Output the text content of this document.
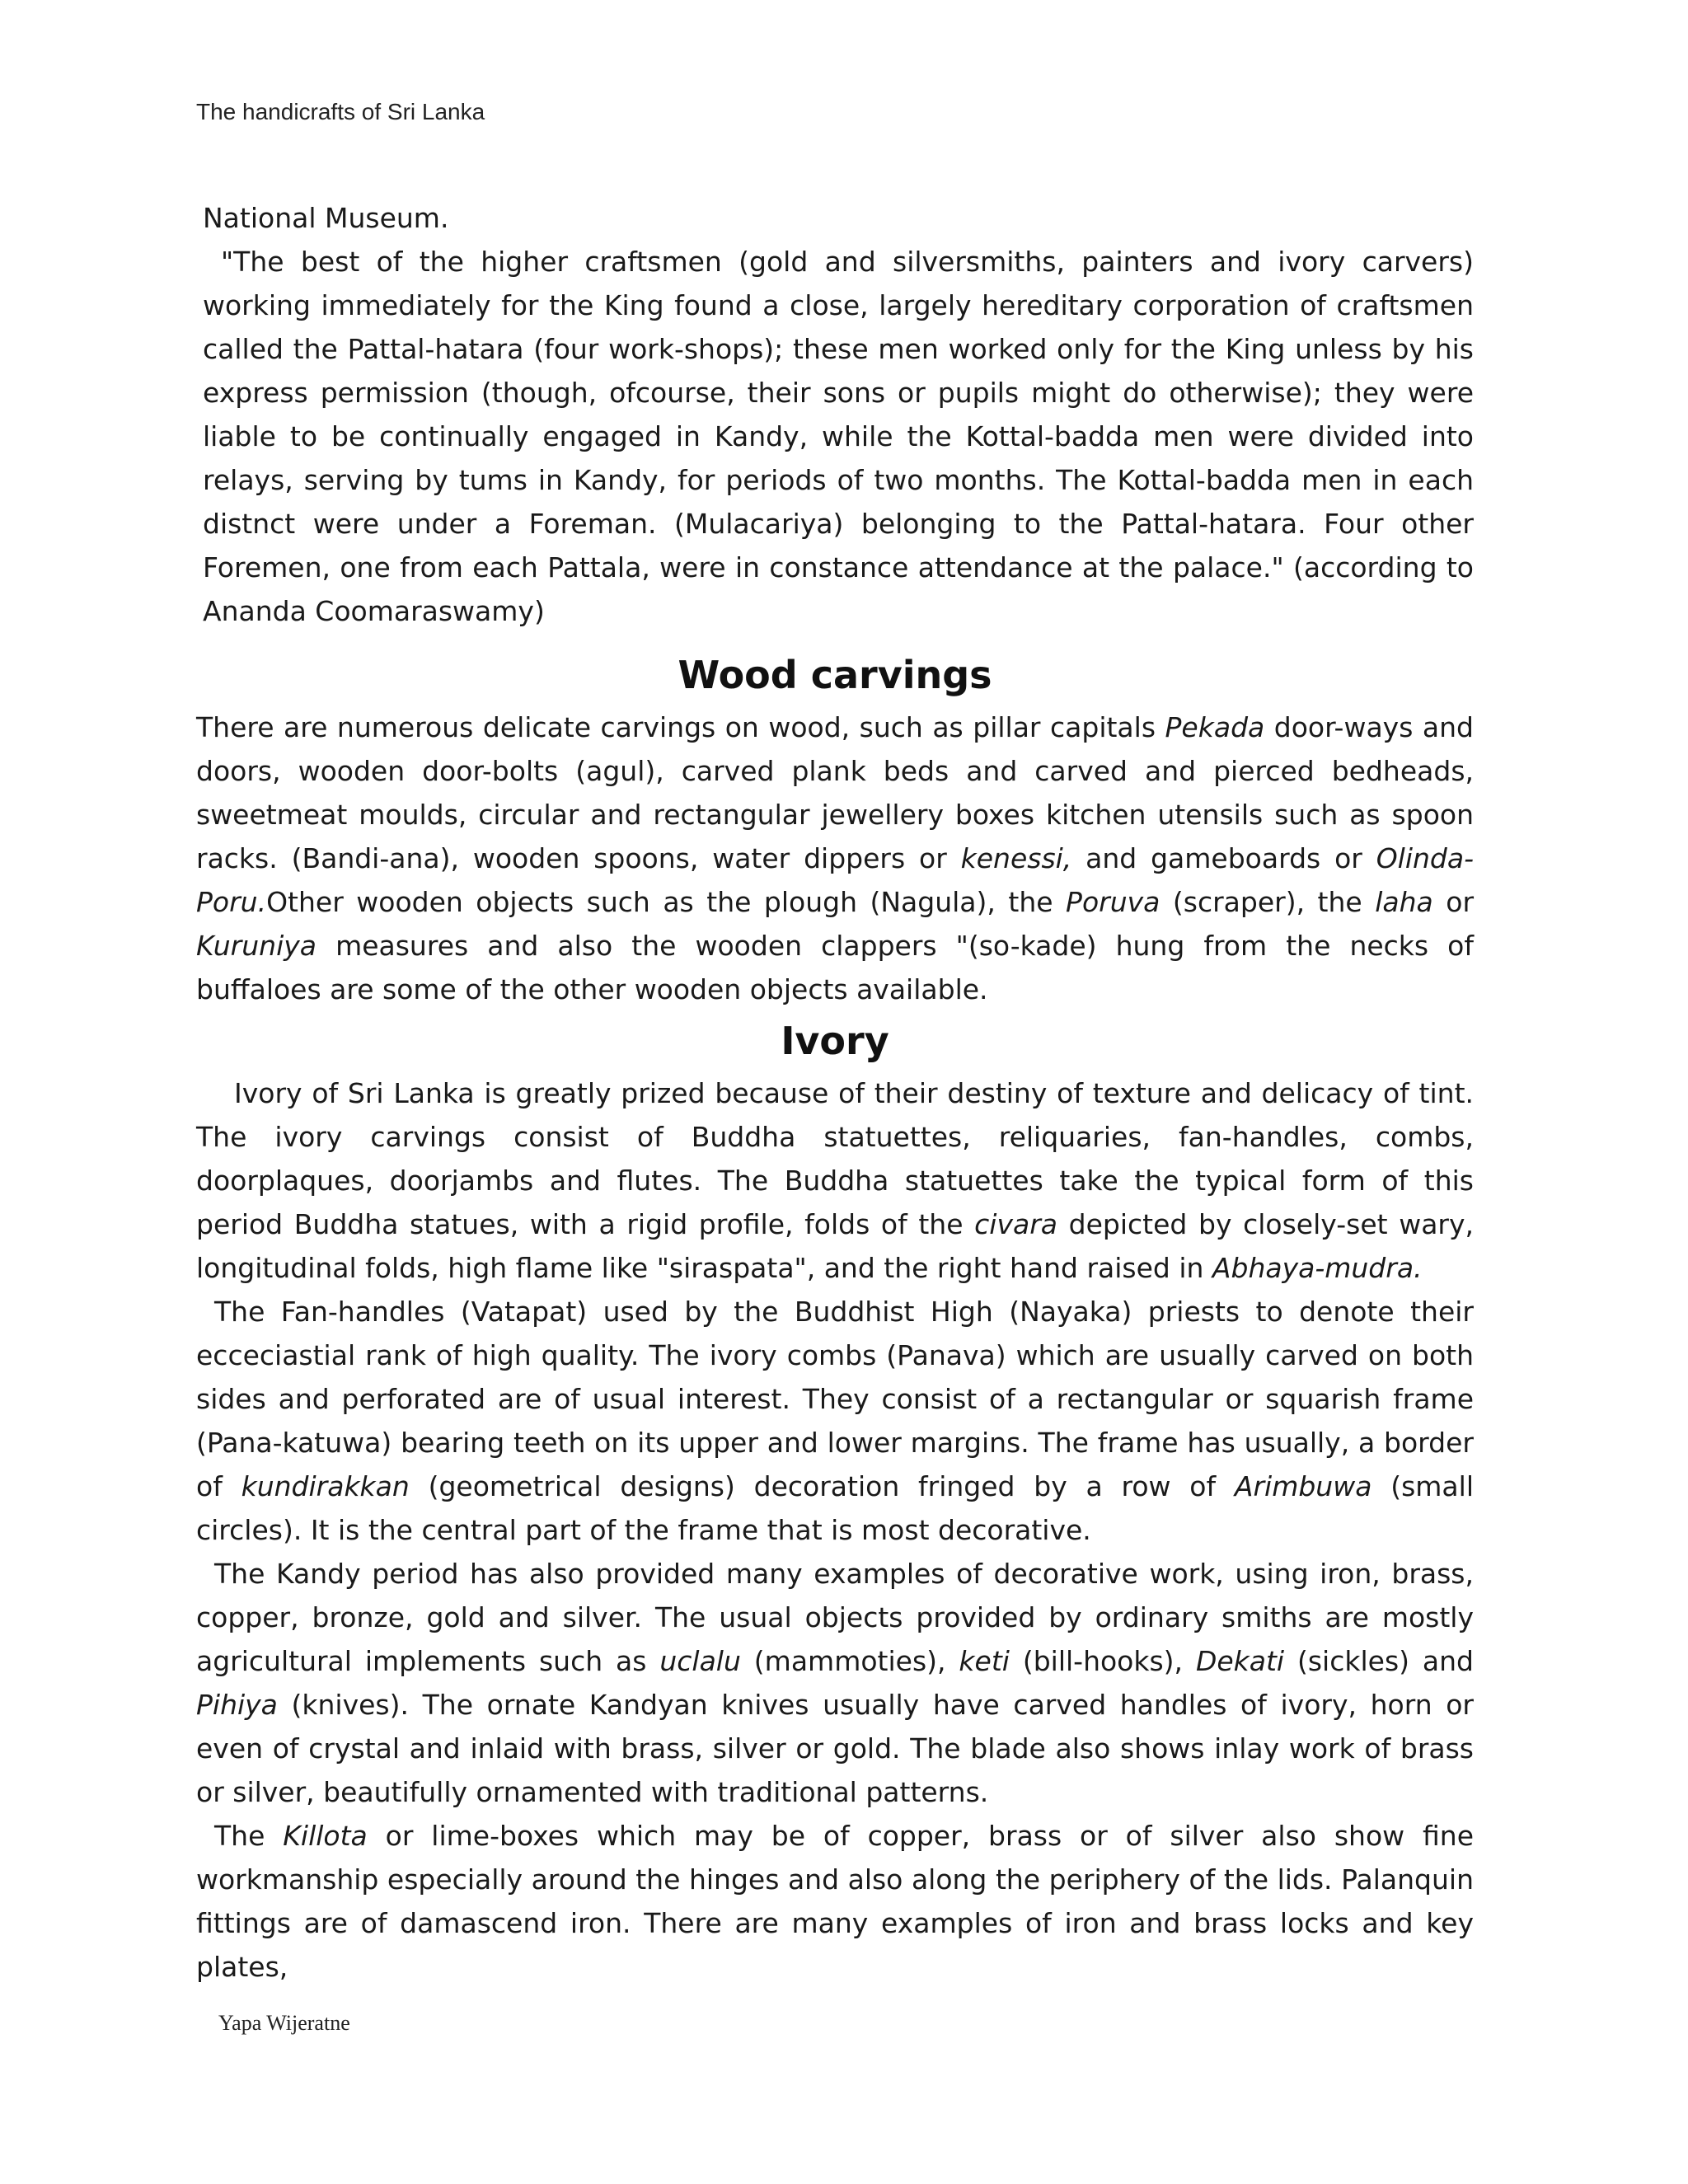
The handicrafts of Sri Lanka

National Museum.

"The best of the higher craftsmen (gold and silversmiths, painters and ivory carvers) working immediately for the King found a close, largely hereditary corporation of craftsmen called the Pattal-hatara (four work-shops); these men worked only for the King unless by his express permission (though, ofcourse, their sons or pupils might do otherwise); they were liable to be continually engaged in Kandy, while the Kottal-badda men were divided into relays, serving by tums in Kandy, for periods of two months. The Kottal-badda men in each distnct were under a Foreman. (Mulacariya) belonging to the Pattal-hatara. Four other Foremen, one from each Pattala, were in constance attendance at the palace." (according to Ananda Coomaraswamy)

Wood carvings

There are numerous delicate carvings on wood, such as pillar capitals Pekada door-ways and doors, wooden door-bolts (agul), carved plank beds and carved and pierced bedheads, sweetmeat moulds, circular and rectangular jewellery boxes kitchen utensils such as spoon racks. (Bandi-ana), wooden spoons, water dippers or kenessi, and gameboards or Olinda-Poru.Other wooden objects such as the plough (Nagula), the Poruva (scraper), the laha or Kuruniya measures and also the wooden clappers "(so-kade) hung from the necks of buffaloes are some of the other wooden objects available.

Ivory

Ivory of Sri Lanka is greatly prized because of their destiny of texture and delicacy of tint. The ivory carvings consist of Buddha statuettes, reliquaries, fan-handles, combs, doorplaques, doorjambs and flutes. The Buddha statuettes take the typical form of this period Buddha statues, with a rigid profile, folds of the civara depicted by closely-set wary, longitudinal folds, high flame like "siraspata", and the right hand raised in Abhaya-mudra.

The Fan-handles (Vatapat) used by the Buddhist High (Nayaka) priests to denote their ecceciastial rank of high quality. The ivory combs (Panava) which are usually carved on both sides and perforated are of usual interest. They consist of a rectangular or squarish frame (Pana-katuwa) bearing teeth on its upper and lower margins. The frame has usually, a border of kundirakkan (geometrical designs) decoration fringed by a row of Arimbuwa (small circles). It is the central part of the frame that is most decorative.

The Kandy period has also provided many examples of decorative work, using iron, brass, copper, bronze, gold and silver. The usual objects provided by ordinary smiths are mostly agricultural implements such as uclalu (mammoties), keti (bill-hooks), Dekati (sickles) and Pihiya (knives). The ornate Kandyan knives usually have carved handles of ivory, horn or even of crystal and inlaid with brass, silver or gold. The blade also shows inlay work of brass or silver, beautifully ornamented with traditional patterns.

The Killota or lime-boxes which may be of copper, brass or of silver also show fine workmanship especially around the hinges and also along the periphery of the lids. Palanquin fittings are of damascend iron. There are many examples of iron and brass locks and key plates,

Yapa Wijeratne
